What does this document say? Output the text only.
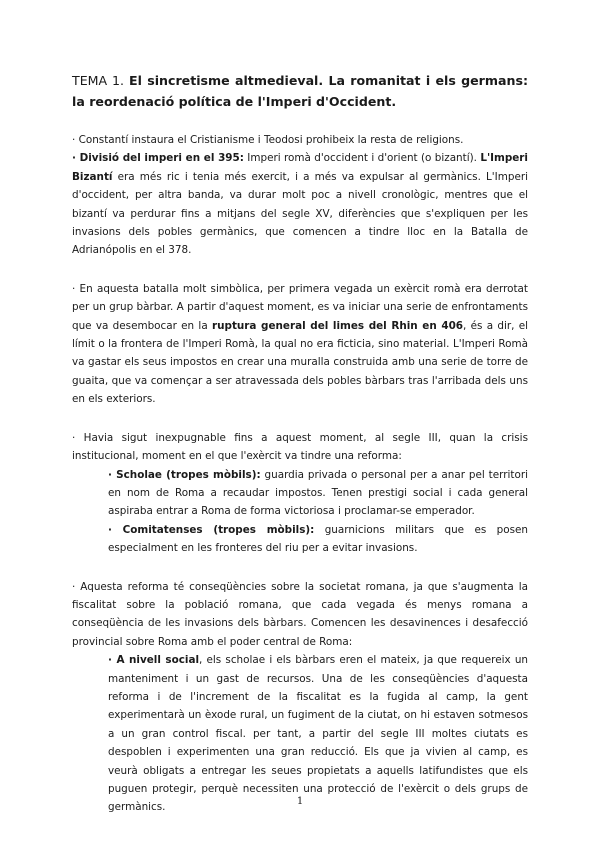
TEMA 1. El sincretisme altmedieval. La romanitat i els germans: la reordenació política de l'Imperi d'Occident.

· Constantí instaura el Cristianisme i Teodosi prohibeix la resta de religions.

· Divisió del imperi en el 395: Imperi romà d'occident i d'orient (o bizantí). L'Imperi Bizantí era més ric i tenia més exercit, i a més va expulsar al germànics. L'Imperi d'occident, per altra banda, va durar molt poc a nivell cronològic, mentres que el bizantí va perdurar fins a mitjans del segle XV, diferències que s'expliquen per les invasions dels pobles germànics, que comencen a tindre lloc en la Batalla de Adrianópolis en el 378.

· En aquesta batalla molt simbòlica, per primera vegada un exèrcit romà era derrotat per un grup bàrbar. A partir d'aquest moment, es va iniciar una serie de enfrontaments que va desembocar en la ruptura general del limes del Rhin en 406, és a dir, el límit o la frontera de l'Imperi Romà, la qual no era ficticia, sino material. L'Imperi Romà va gastar els seus impostos en crear una muralla construida amb una serie de torre de guaita, que va començar a ser atravessada dels pobles bàrbars tras l'arribada dels uns en els exteriors.

· Havia sigut inexpugnable fins a aquest moment, al segle III, quan la crisis institucional, moment en el que l'exèrcit va tindre una reforma:

· Scholae (tropes mòbils): guardia privada o personal per a anar pel territori en nom de Roma a recaudar impostos. Tenen prestigi social i cada general aspiraba entrar a Roma de forma victoriosa i proclamar-se emperador.

· Comitatenses (tropes mòbils): guarnicions militars que es posen especialment en les fronteres del riu per a evitar invasions.

· Aquesta reforma té conseqüències sobre la societat romana, ja que s'augmenta la fiscalitat sobre la població romana, que cada vegada és menys romana a conseqüència de les invasions dels bàrbars. Comencen les desavinences i desafecció provincial sobre Roma amb el poder central de Roma:

· A nivell social, els scholae i els bàrbars eren el mateix, ja que requereix un manteniment i un gast de recursos. Una de les conseqüències d'aquesta reforma i de l'increment de la fiscalitat es la fugida al camp, la gent experimentarà un èxode rural, un fugiment de la ciutat, on hi estaven sotmesos a un gran control fiscal. per tant, a partir del segle III moltes ciutats es despoblen i experimenten una gran reducció. Els que ja vivien al camp, es veurà obligats a entregar les seues propietats a aquells latifundistes que els puguen protegir, perquè necessiten una protecció de l'exèrcit o dels grups de germànics.	1
